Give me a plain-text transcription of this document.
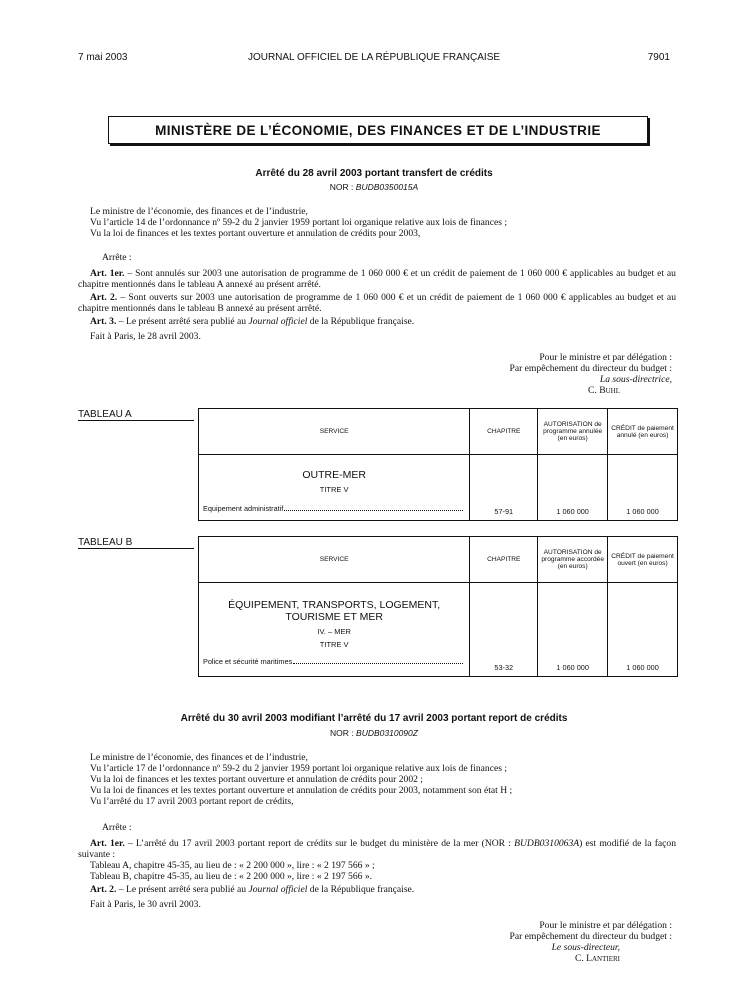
7 mai 2003	JOURNAL OFFICIEL DE LA RÉPUBLIQUE FRANÇAISE	7901
MINISTÈRE DE L’ÉCONOMIE, DES FINANCES ET DE L’INDUSTRIE
Arrêté du 28 avril 2003 portant transfert de crédits
NOR : BUDB0350015A

Le ministre de l’économie, des finances et de l’industrie,

Vu l’article 14 de l’ordonnance nº 59-2 du 2 janvier 1959 portant loi organique relative aux lois de finances ;

Vu la loi de finances et les textes portant ouverture et annulation de crédits pour 2003,

Arrête :

Art. 1er. – Sont annulés sur 2003 une autorisation de programme de 1 060 000 € et un crédit de paiement de 1 060 000 € applicables au budget et au chapitre mentionnés dans le tableau A annexé au présent arrêté.

Art. 2. – Sont ouverts sur 2003 une autorisation de programme de 1 060 000 € et un crédit de paiement de 1 060 000 € applicables au budget et au chapitre mentionnés dans le tableau B annexé au présent arrêté.

Art. 3. – Le présent arrêté sera publié au Journal officiel de la République française.

Fait à Paris, le 28 avril 2003.

Pour le ministre et par délégation :

Par empêchement du directeur du budget :

La sous-directrice,

C. Buhl

TABLEAU A
SERVICE	CHAPITRE	AUTORISATION de programme annulée (en euros)	CRÉDIT de paiement annulé (en euros)

OUTRE-MER
TITRE V
Equipement administratif	57-91	1 060 000	1 060 000
TABLEAU B
SERVICE	CHAPITRE	AUTORISATION de programme accordée (en euros)	CRÉDIT de paiement ouvert (en euros)

ÉQUIPEMENT, TRANSPORTS, LOGEMENT,
TOURISME ET MER
IV. – MER
TITRE V
Police et sécurité maritimes	53-32	1 060 000	1 060 000
Arrêté du 30 avril 2003 modifiant l’arrêté du 17 avril 2003 portant report de crédits
NOR : BUDB0310090Z

Le ministre de l’économie, des finances et de l’industrie,

Vu l’article 17 de l’ordonnance nº 59-2 du 2 janvier 1959 portant loi organique relative aux lois de finances ;

Vu la loi de finances et les textes portant ouverture et annulation de crédits pour 2002 ;

Vu la loi de finances et les textes portant ouverture et annulation de crédits pour 2003, notamment son état H ;

Vu l’arrêté du 17 avril 2003 portant report de crédits,

Arrête :

Art. 1er. – L’arrêté du 17 avril 2003 portant report de crédits sur le budget du ministère de la mer (NOR : BUDB0310063A) est modifié de la façon suivante :

Tableau A, chapitre 45-35, au lieu de : « 2 200 000 », lire : « 2 197 566 » ;

Tableau B, chapitre 45-35, au lieu de : « 2 200 000 », lire : « 2 197 566 ».

Art. 2. – Le présent arrêté sera publié au Journal officiel de la République française.

Fait à Paris, le 30 avril 2003.

Pour le ministre et par délégation :

Par empêchement du directeur du budget :

Le sous-directeur,

C. Lantieri
